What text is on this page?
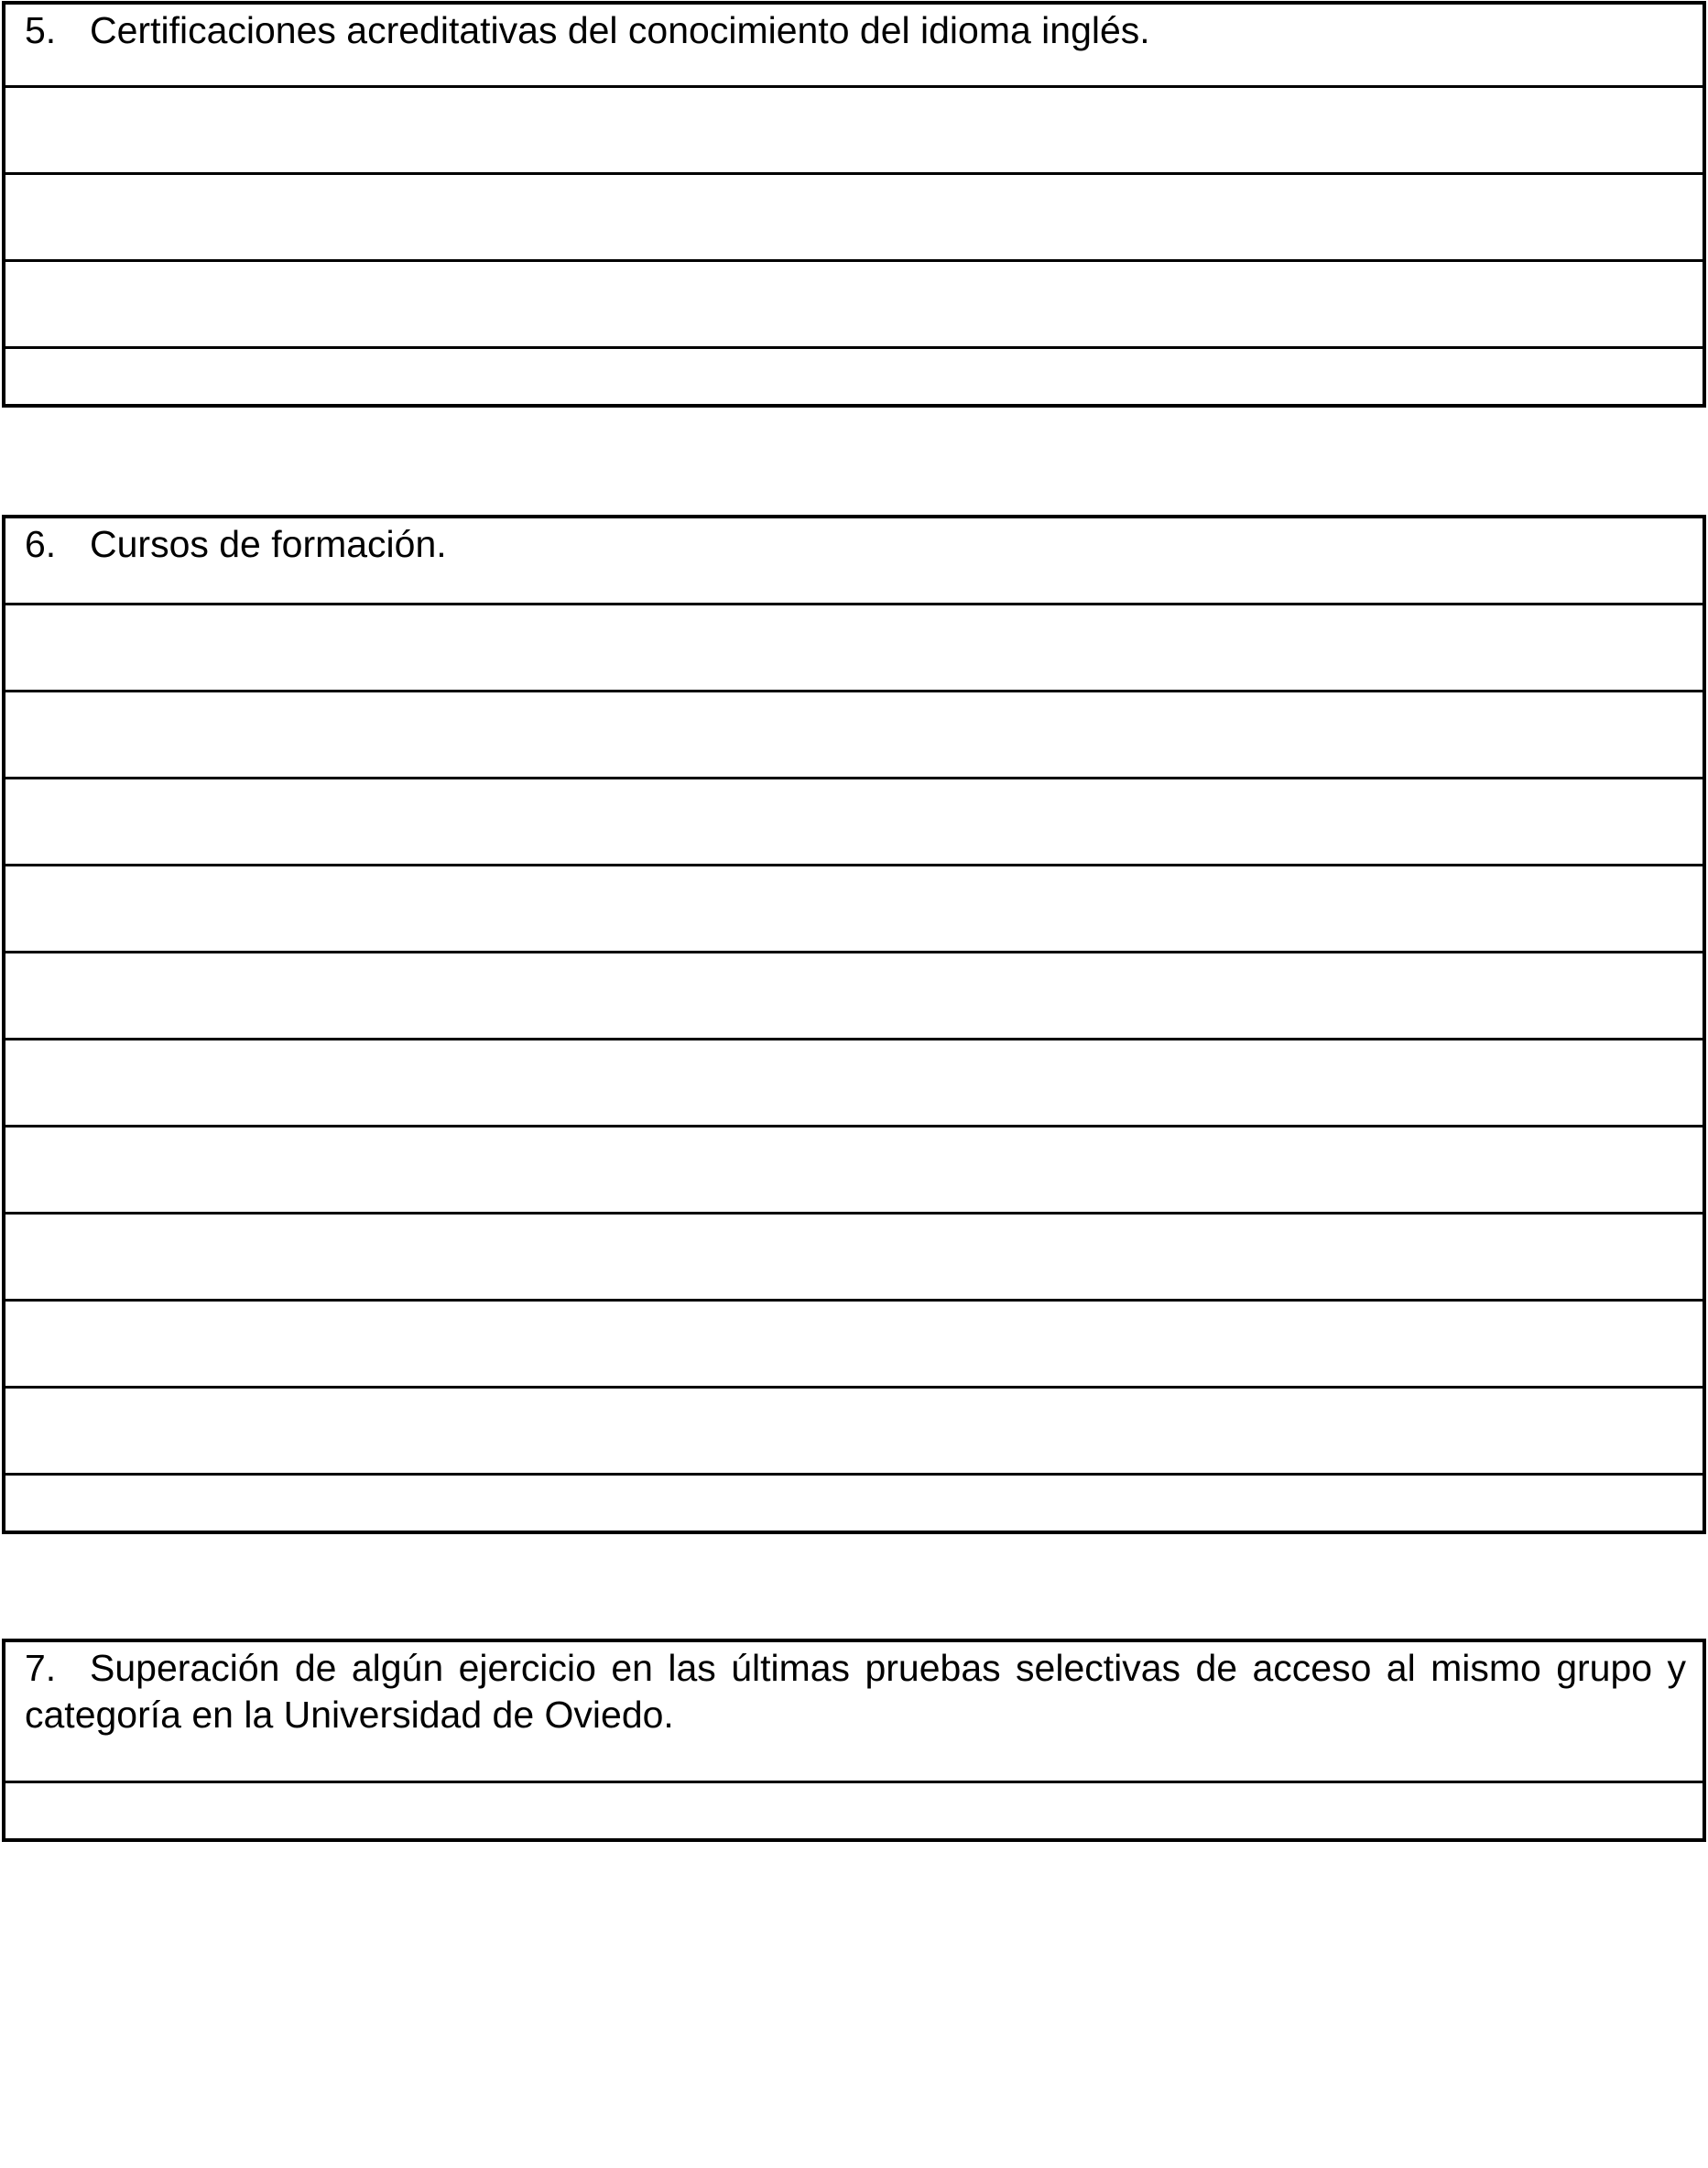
5. Certificaciones acreditativas del conocimiento del idioma inglés.
6. Cursos de formación.
7. Superación de algún ejercicio en las últimas pruebas selectivas de acceso al mismo grupo y
categoría en la Universidad de Oviedo.
